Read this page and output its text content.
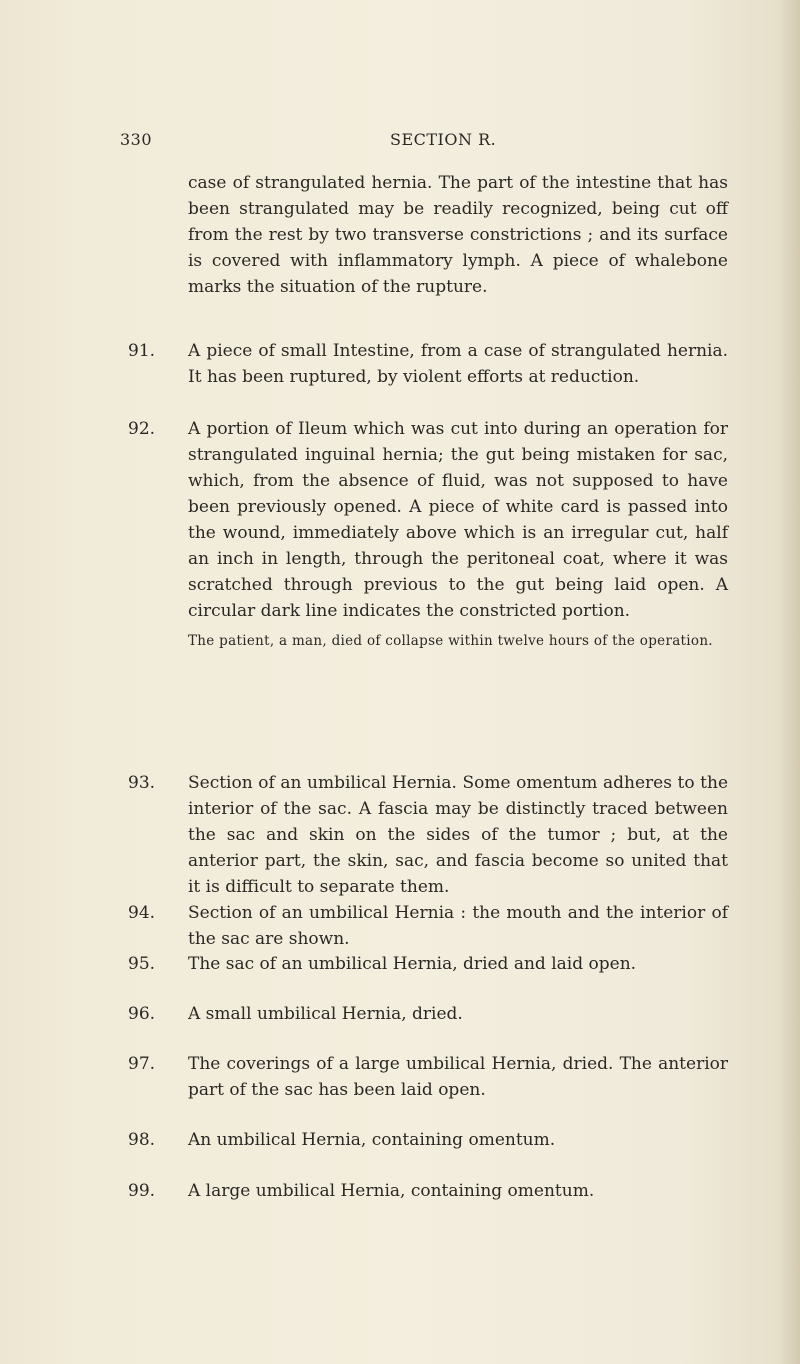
330	SECTION R.
case of strangulated hernia. The part of the intestine that has been strangulated may be readily recognized, being cut off from the rest by two transverse constrictions ; and its surface is covered with inflammatory lymph. A piece of whalebone marks the situation of the rupture.
91.	A piece of small Intestine, from a case of strangulated hernia. It has been ruptured, by violent efforts at reduction.
92.	A portion of Ileum which was cut into during an operation for strangulated inguinal hernia; the gut being mistaken for sac, which, from the absence of fluid, was not supposed to have been previously opened. A piece of white card is passed into the wound, immediately above which is an irregular cut, half an inch in length, through the peritoneal coat, where it was scratched through previous to the gut being laid open. A circular dark line indicates the constricted portion.
The patient, a man, died of collapse within twelve hours of the operation.
93.	Section of an umbilical Hernia. Some omentum adheres to the interior of the sac. A fascia may be distinctly traced between the sac and skin on the sides of the tumor ; but, at the anterior part, the skin, sac, and fascia become so united that it is difficult to separate them.
94.	Section of an umbilical Hernia : the mouth and the interior of the sac are shown.
95.	The sac of an umbilical Hernia, dried and laid open.
96.	A small umbilical Hernia, dried.
97.	The coverings of a large umbilical Hernia, dried. The anterior part of the sac has been laid open.
98.	An umbilical Hernia, containing omentum.
99.	A large umbilical Hernia, containing omentum.
